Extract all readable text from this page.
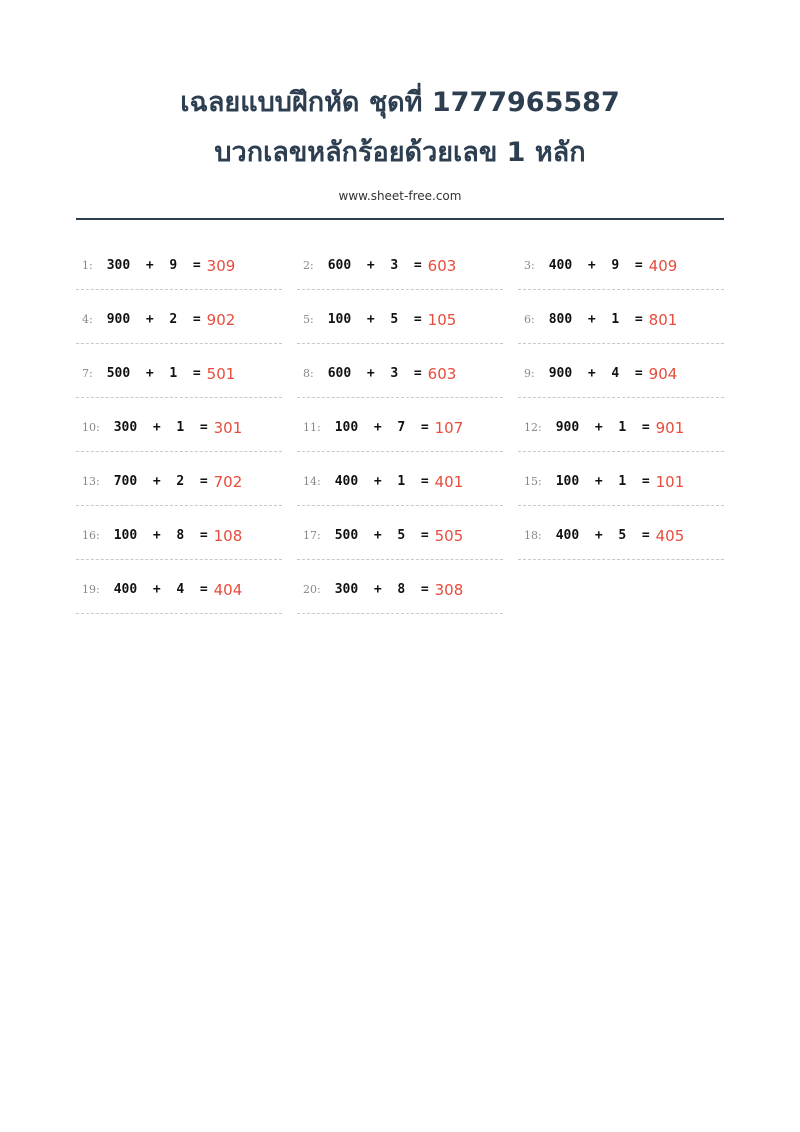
เฉลยแบบฝึกหัด ชุดที่ 1777965587
บวกเลขหลักร้อยด้วยเลข 1 หลัก
www.sheet-free.com
1: 300 + 9 = 309	2: 600 + 3 = 603	3: 400 + 9 = 409
4: 900 + 2 = 902	5: 100 + 5 = 105	6: 800 + 1 = 801
7: 500 + 1 = 501	8: 600 + 3 = 603	9: 900 + 4 = 904
10: 300 + 1 = 301	11: 100 + 7 = 107	12: 900 + 1 = 901
13: 700 + 2 = 702	14: 400 + 1 = 401	15: 100 + 1 = 101
16: 100 + 8 = 108	17: 500 + 5 = 505	18: 400 + 5 = 405
19: 400 + 4 = 404	20: 300 + 8 = 308
